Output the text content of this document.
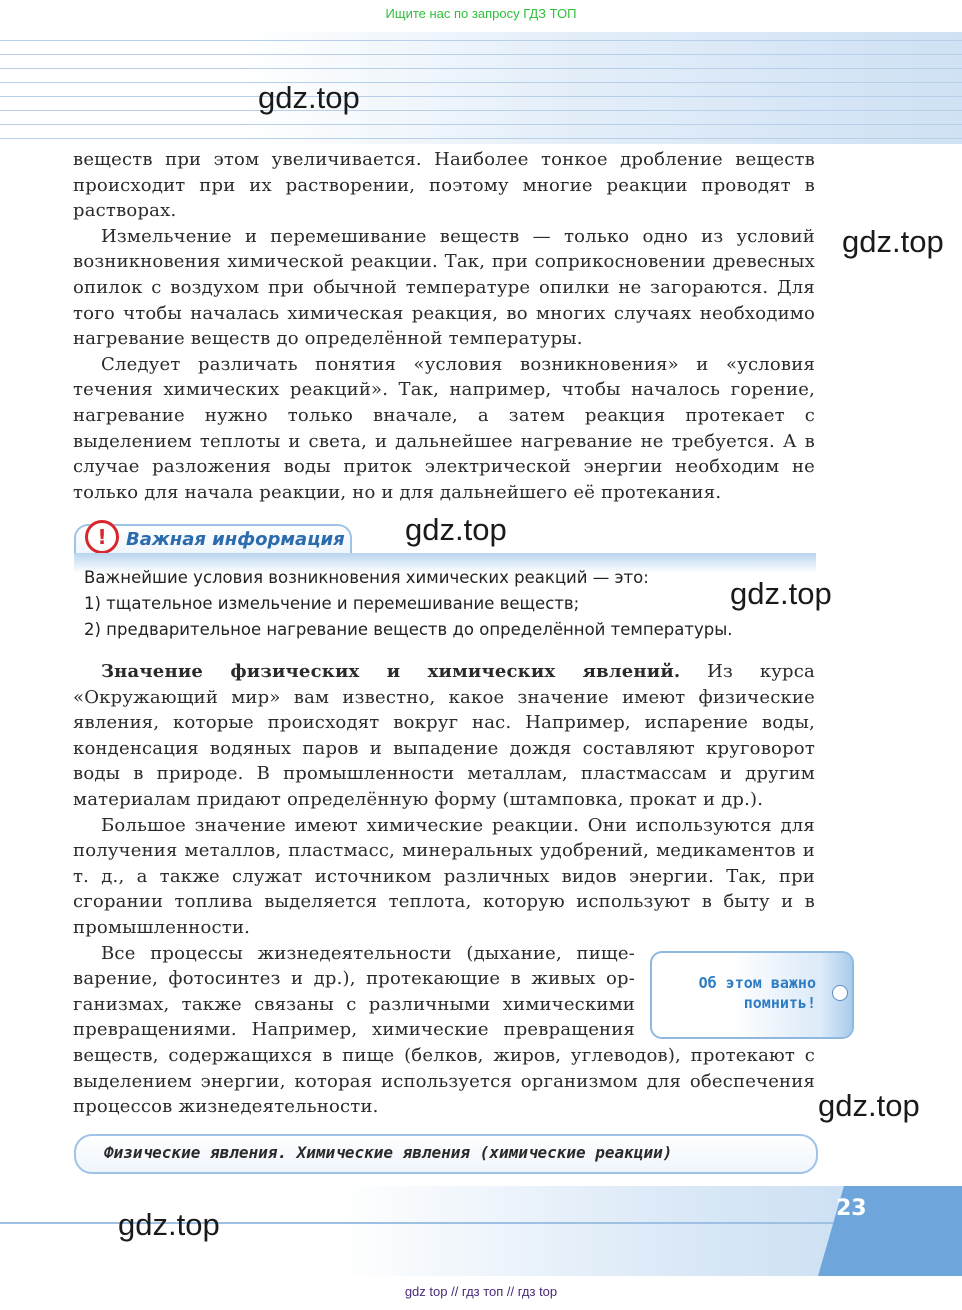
Ищите нас по запросу ГДЗ ТОП
gdz.top

веществ при этом увеличивается. Наиболее тонкое дробление веществ происходит при их растворении, поэтому многие реакции проводят в растворах.

Измельчение и перемешивание веществ — только одно из условий возникновения химической реакции. Так, при соприкосновении древесных опилок с воздухом при обычной температуре опилки не загораются. Для того чтобы началась химическая реакция, во многих случаях необходимо нагревание веществ до определённой температуры.

Следует различать понятия «условия возникновения» и «условия течения химических реакций». Так, например, чтобы началось горение, нагревание нужно только вначале, а затем реакция протекает с выделением теплоты и света, и дальнейшее нагревание не требуется. А в случае разложения воды приток электрической энергии необходим не только для начала реакции, но и для дальнейшего её протекания.

gdz.top
!	Важная информация gdz.top

Важнейшие условия возникновения химических реакций — это:

1) тщательное измельчение и перемешивание веществ;

2) предварительное нагревание веществ до определённой температуры.

gdz.top

Значение физических и химических явлений. Из курса «Окружающий мир» вам известно, какое значение имеют физические явления, которые происходят вокруг нас. Например, испарение воды, конденсация водяных паров и выпадение дождя составляют круговорот воды в природе. В промышленности металлам, пластмассам и другим материалам придают определённую форму (штамповка, прокат и др.).

Большое значение имеют химические реакции. Они используются для получения металлов, пластмасс, минеральных удобрений, медикаментов и т. д., а также служат источником различных видов энергии. Так, при сгорании топлива выделяется теплота, которую используют в быту и в промышленности.

Все процессы жизнедеятельности (дыхание, пище-
варение, фотосинтез и др.), протекающие в живых ор-
ганизмах, также связаны с различными химическими
превращениями. Например, химические превращения

веществ, содержащихся в пище (белков, жиров, углеводов), протекают с выделением энергии, которая используется организмом для обеспечения процессов жизнедеятельности.

Об этом важно
помнить!
gdz.top
Физические явления. Химические явления (химические реакции)
23
gdz.top
gdz top // гдз топ // гдз top
